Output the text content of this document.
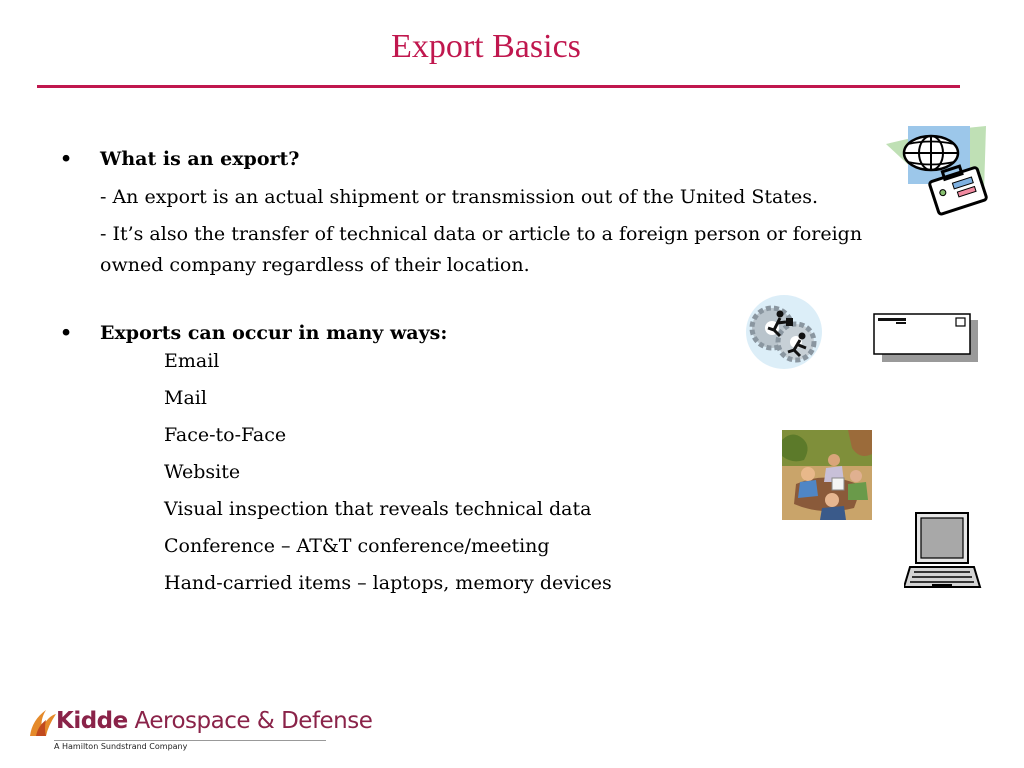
Export Basics
•	What is an export?
- An export is an actual shipment or transmission out of the United States.
- It’s also the transfer of technical data or article to a foreign person or foreign owned company regardless of their location.
•	Exports can occur in many ways:
Email
Mail
Face-to-Face
Website
Visual inspection that reveals technical data
Conference – AT&T conference/meeting
Hand-carried items – laptops, memory devices
Kidde Aerospace & Defense
A Hamilton Sundstrand Company
